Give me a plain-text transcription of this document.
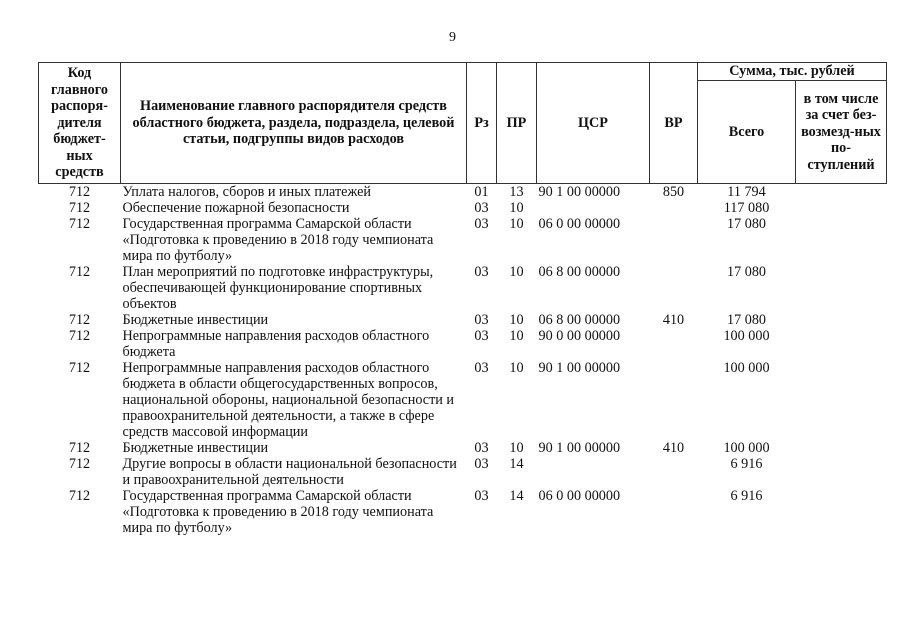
9
Код главного распоря-дителя бюджет-ных средств	Наименование главного распорядителя средств областного бюджета, раздела, подраздела, целевой статьи, подгруппы видов расходов	Рз	ПР	ЦСР	ВР	Сумма, тыс. рублей	
						Всего	в том числе за счет без-возмезд-ных по-ступлений
712	Уплата налогов, сборов и иных платежей	01	13	90 1 00 00000	850	11 794	
712	Обеспечение пожарной безопасности	03	10			117 080	
712	Государственная программа Самарской области «Подготовка к проведению в 2018 году чемпионата мира по футболу»	03	10	06 0 00 00000		17 080	
712	План мероприятий по подготовке инфраструктуры, обеспечивающей функционирование спортивных объектов	03	10	06 8 00 00000		17 080	
712	Бюджетные инвестиции	03	10	06 8 00 00000	410	17 080	
712	Непрограммные направления расходов областного бюджета	03	10	90 0 00 00000		100 000	
712	Непрограммные направления расходов областного бюджета в области общегосударственных вопросов, национальной обороны, национальной безопасности и правоохранительной деятельности, а также в сфере средств массовой информации	03	10	90 1 00 00000		100 000	
712	Бюджетные инвестиции	03	10	90 1 00 00000	410	100 000	
712	Другие вопросы в области национальной безопасности и правоохранительной деятельности	03	14			6 916	
712	Государственная программа Самарской области «Подготовка к проведению в 2018 году чемпионата мира по футболу»	03	14	06 0 00 00000		6 916	
